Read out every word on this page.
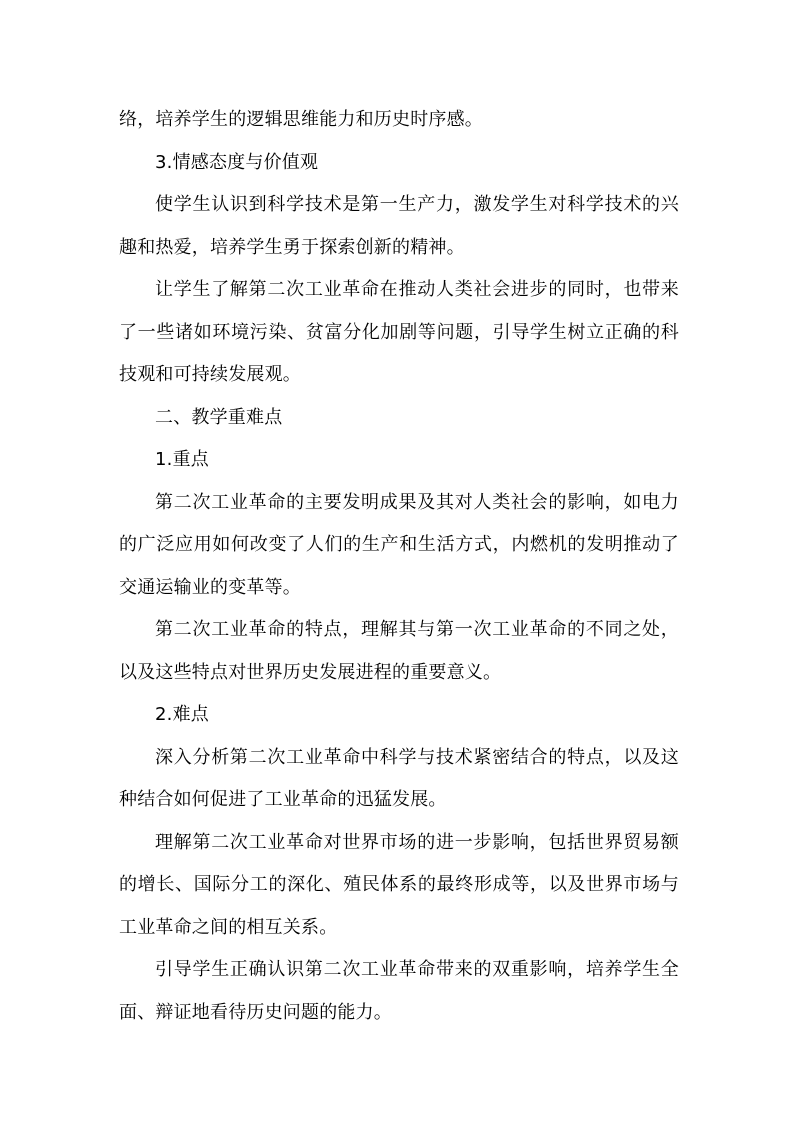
络，培养学生的逻辑思维能力和历史时序感。

3.情感态度与价值观

使学生认识到科学技术是第一生产力，激发学生对科学技术的兴趣和热爱，培养学生勇于探索创新的精神。

让学生了解第二次工业革命在推动人类社会进步的同时，也带来了一些诸如环境污染、贫富分化加剧等问题，引导学生树立正确的科技观和可持续发展观。

二、教学重难点

1.重点

第二次工业革命的主要发明成果及其对人类社会的影响，如电力的广泛应用如何改变了人们的生产和生活方式，内燃机的发明推动了交通运输业的变革等。

第二次工业革命的特点，理解其与第一次工业革命的不同之处，以及这些特点对世界历史发展进程的重要意义。

2.难点

深入分析第二次工业革命中科学与技术紧密结合的特点，以及这种结合如何促进了工业革命的迅猛发展。

理解第二次工业革命对世界市场的进一步影响，包括世界贸易额的增长、国际分工的深化、殖民体系的最终形成等，以及世界市场与工业革命之间的相互关系。

引导学生正确认识第二次工业革命带来的双重影响，培养学生全面、辩证地看待历史问题的能力。
